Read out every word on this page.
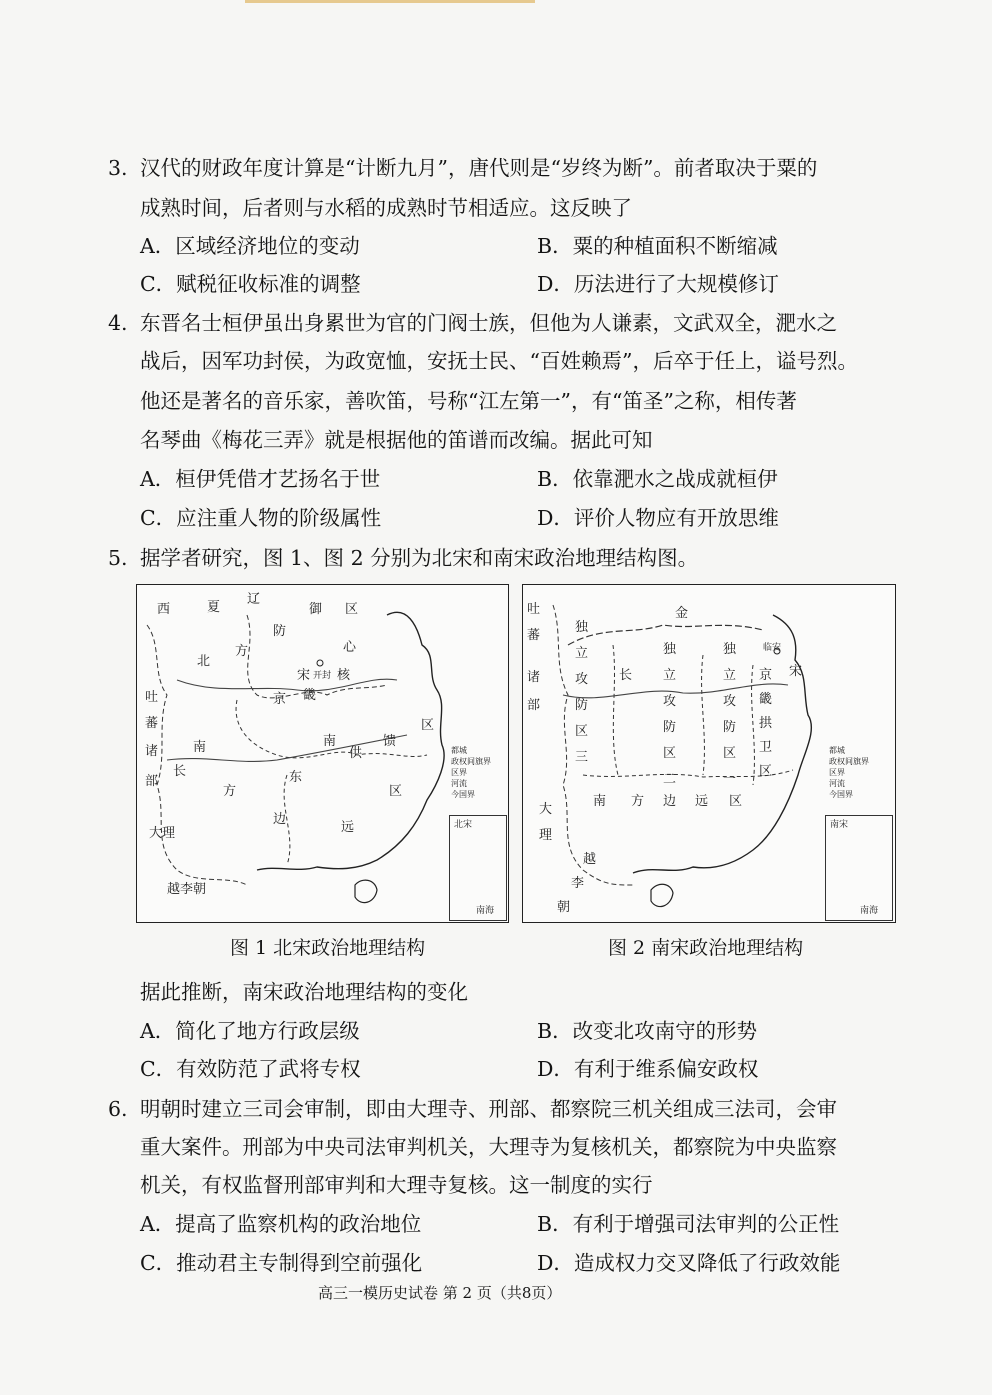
3. 汉代的财政年度计算是“计断九月”，唐代则是“岁终为断”。前者取决于粟的
成熟时间，后者则与水稻的成熟时节相适应。这反映了
A．区域经济地位的变动	B．粟的种植面积不断缩减
C．赋税征收标准的调整	D．历法进行了大规模修订
4. 东晋名士桓伊虽出身累世为官的门阀士族，但他为人谦素，文武双全，淝水之
战后，因军功封侯，为政宽恤，安抚士民、“百姓赖焉”，后卒于任上，谥号烈。
他还是著名的音乐家，善吹笛，号称“江左第一”，有“笛圣”之称，相传著
名琴曲《梅花三弄》就是根据他的笛谱而改编。据此可知
A．桓伊凭借才艺扬名于世	B．依靠淝水之战成就桓伊
C．应注重人物的阶级属性	D．评价人物应有开放思维
5. 据学者研究，图 1、图 2 分别为北宋和南宋政治地理结构图。
西	夏
辽
御 区
防
北
方	心
宋 开封 核
吐
蕃
京 畿
诸
部
南
东
南
供
馈
区
长
方	区
边
远
大理
越李朝
都城
政权间旗界
区界
河流
今国界
北宋
南海
吐
蕃
诸
部
金
独
立
攻
防
区
三
独
立
攻
防
区
二
独
立
攻
防
区
一
临安
宋
京
畿
拱
卫
区
大
理
南 方 边 远 区
越
李
朝
长
都城
政权间旗界
区界
河流
今国界
南宋
南海
图 1 北宋政治地理结构	图 2 南宋政治地理结构
据此推断，南宋政治地理结构的变化
A．简化了地方行政层级	B．改变北攻南守的形势
C．有效防范了武将专权	D．有利于维系偏安政权
6. 明朝时建立三司会审制，即由大理寺、刑部、都察院三机关组成三法司，会审
重大案件。刑部为中央司法审判机关，大理寺为复核机关，都察院为中央监察
机关，有权监督刑部审判和大理寺复核。这一制度的实行
A．提高了监察机构的政治地位	B．有利于增强司法审判的公正性
C．推动君主专制得到空前强化	D．造成权力交叉降低了行政效能
高三一模历史试卷 第 2 页（共8页）
